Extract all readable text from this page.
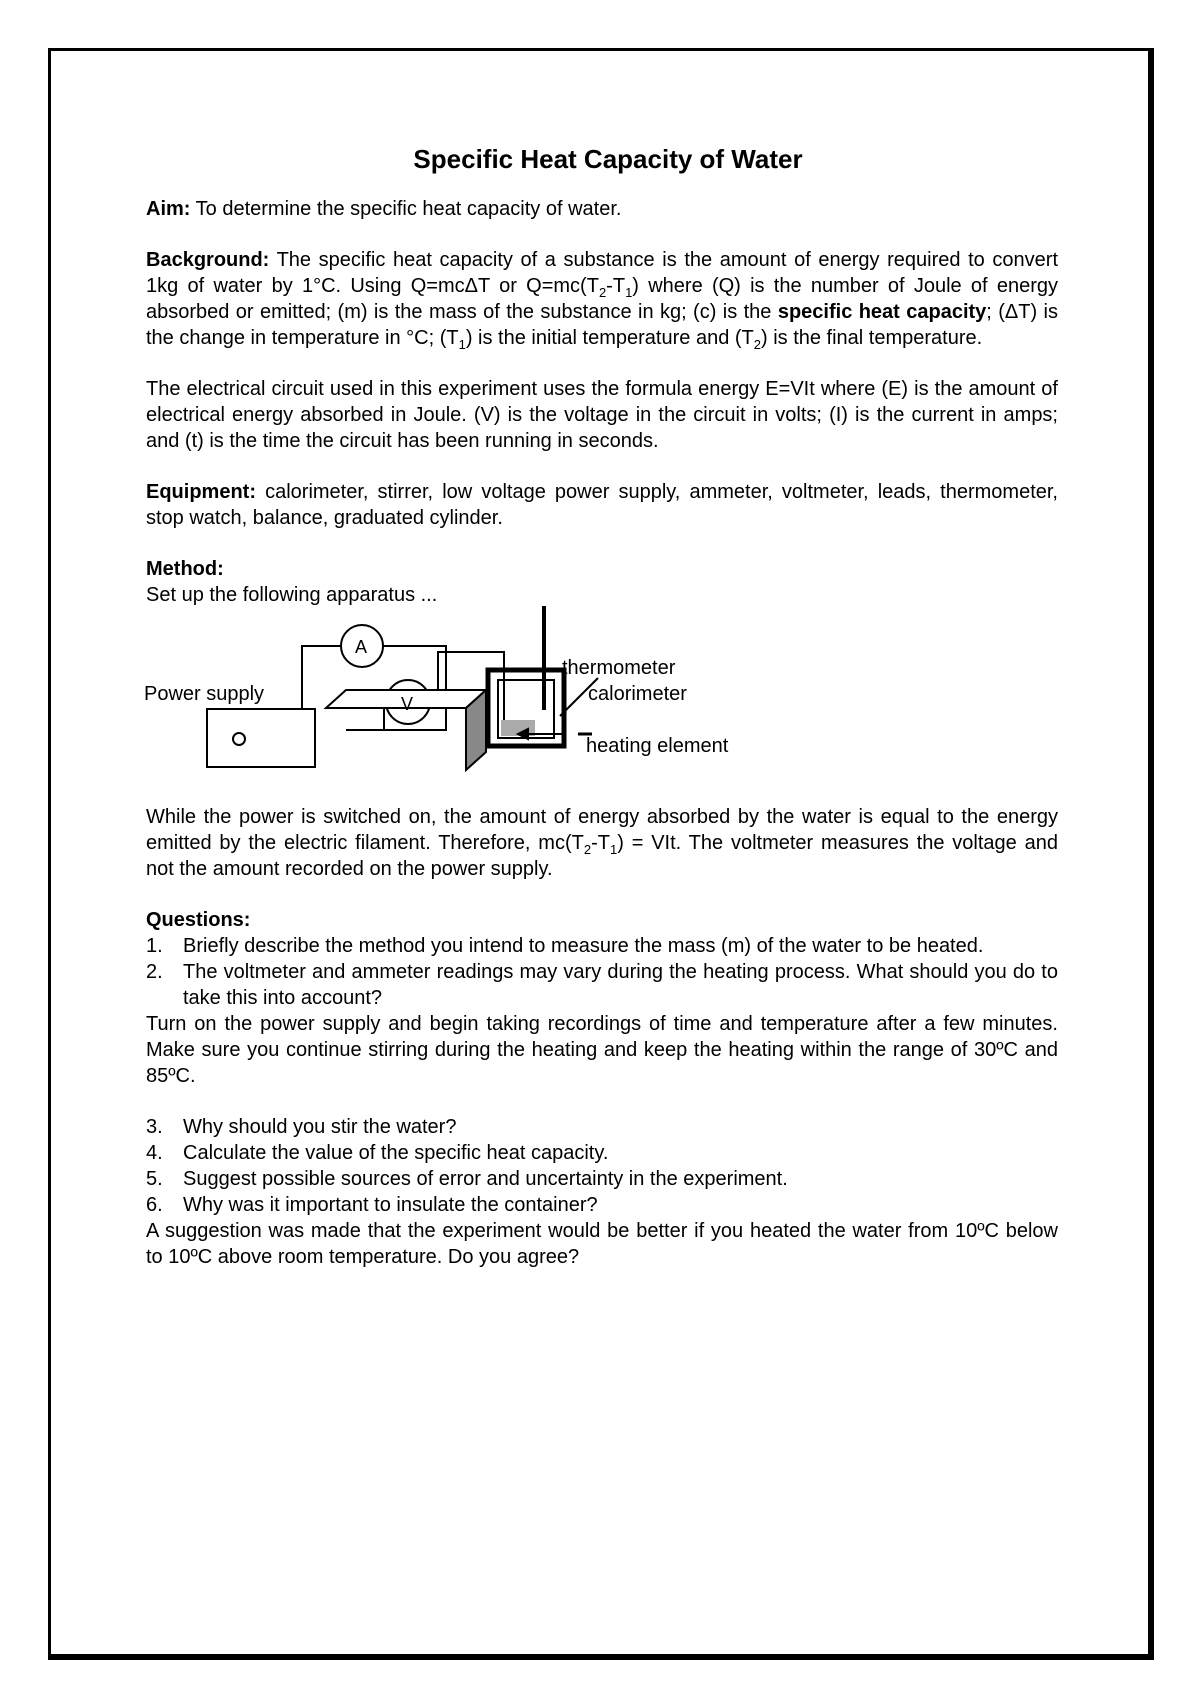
Specific Heat Capacity of Water

Aim: To determine the specific heat capacity of water.

Background: The specific heat capacity of a substance is the amount of energy required to convert 1kg of water by 1°C. Using Q=mcΔT or $Q=mc(T_2-T_1)$ where (Q) is the number of Joule of energy absorbed or emitted; (m) is the mass of the substance in kg; (c) is the specific heat capacity; (ΔT) is the change in temperature in °C; $(T_1)$ is the initial temperature and $(T_2)$ is the final temperature.

The electrical circuit used in this experiment uses the formula energy E=VIt where (E) is the amount of electrical energy absorbed in Joule. (V) is the voltage in the circuit in volts; (I) is the current in amps; and (t) is the time the circuit has been running in seconds.

Equipment: calorimeter, stirrer, low voltage power supply, ammeter, voltmeter, leads, thermometer, stop watch, balance, graduated cylinder.

Method:
Set up the following apparatus ...
Power supply
A
V
thermometer
calorimeter
heating element

While the power is switched on, the amount of energy absorbed by the water is equal to the energy emitted by the electric filament. Therefore, $mc(T_2-T_1)$ = VIt. The voltmeter measures the voltage and not the amount recorded on the power supply.

Questions:
1. Briefly describe the method you intend to measure the mass (m) of the water to be heated.
2. The voltmeter and ammeter readings may vary during the heating process. What should you do to take this into account?

Turn on the power supply and begin taking recordings of time and temperature after a few minutes. Make sure you continue stirring during the heating and keep the heating within the range of 30ºC and 85ºC.

3. Why should you stir the water?
4. Calculate the value of the specific heat capacity.
5. Suggest possible sources of error and uncertainty in the experiment.
6. Why was it important to insulate the container?

A suggestion was made that the experiment would be better if you heated the water from 10ºC below to 10ºC above room temperature. Do you agree?
